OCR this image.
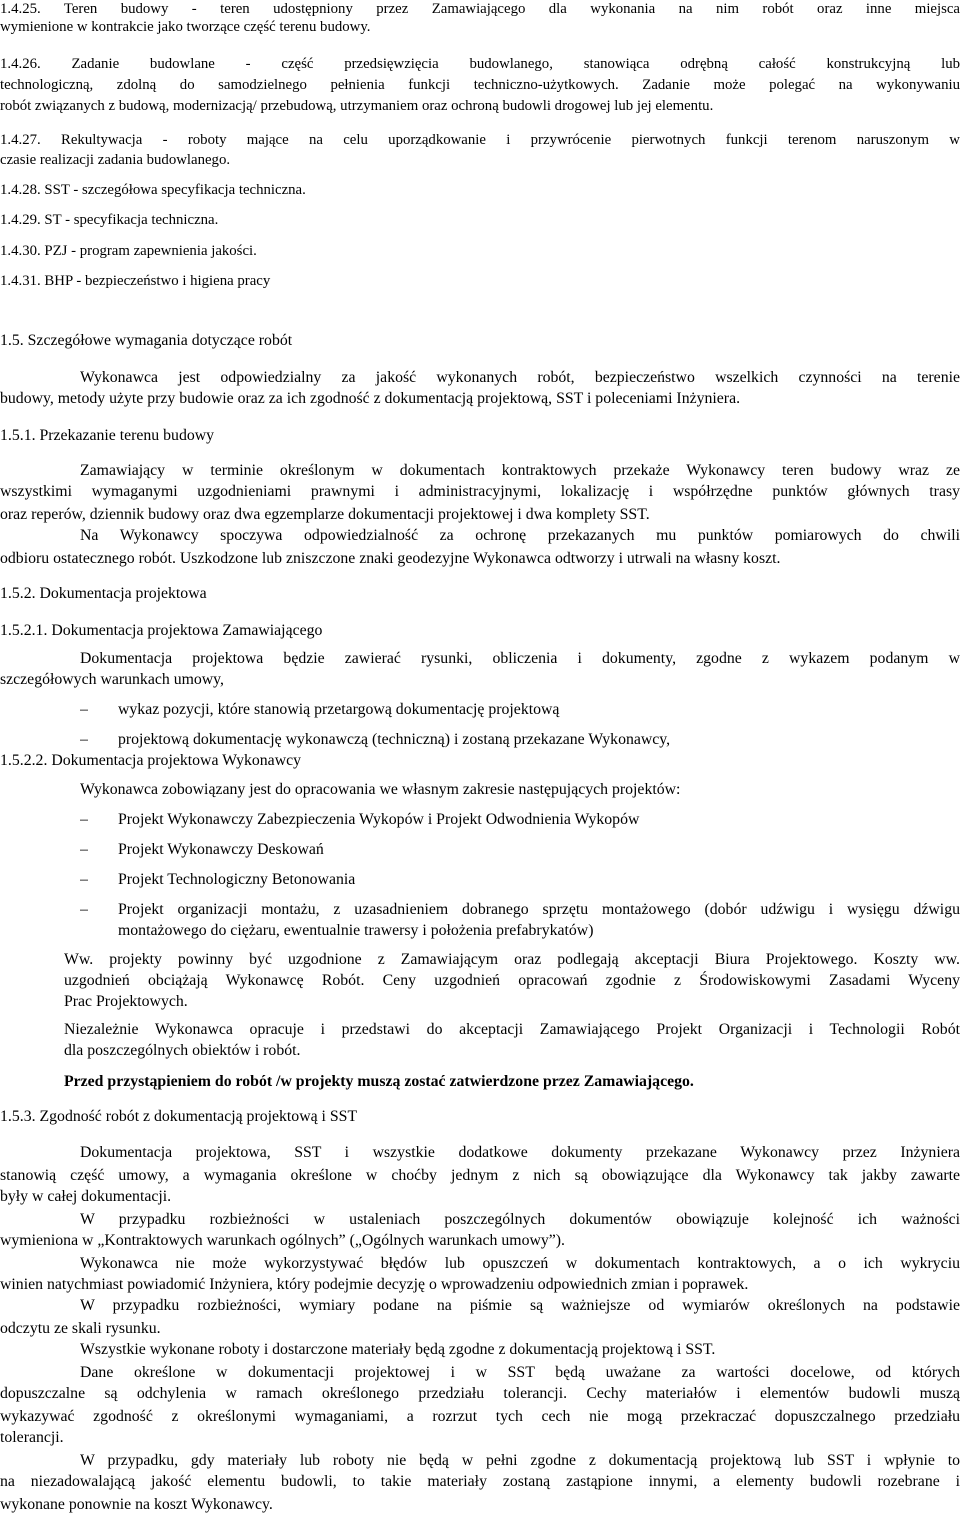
1.4.25. Teren budowy - teren udostępniony przez Zamawiającego dla wykonania na nim robót oraz inne miejsca
wymienione w kontrakcie jako tworzące część terenu budowy.
1.4.26. Zadanie budowlane - część przedsięwzięcia budowlanego, stanowiąca odrębną całość konstrukcyjną lub
technologiczną, zdolną do samodzielnego pełnienia funkcji techniczno-użytkowych. Zadanie może polegać na wykonywaniu
robót związanych z budową, modernizacją/ przebudową, utrzymaniem oraz ochroną budowli drogowej lub jej elementu.
1.4.27. Rekultywacja - roboty mające na celu uporządkowanie i przywrócenie pierwotnych funkcji terenom naruszonym w
czasie realizacji zadania budowlanego.
1.4.28. SST - szczegółowa specyfikacja techniczna.
1.4.29. ST - specyfikacja techniczna.
1.4.30. PZJ - program zapewnienia jakości.
1.4.31. BHP - bezpieczeństwo i higiena pracy
1.5. Szczegółowe wymagania dotyczące robót
Wykonawca jest odpowiedzialny za jakość wykonanych robót, bezpieczeństwo wszelkich czynności na terenie
budowy, metody użyte przy budowie oraz za ich zgodność z dokumentacją projektową, SST i poleceniami Inżyniera.
1.5.1. Przekazanie terenu budowy
Zamawiający w terminie określonym w dokumentach kontraktowych przekaże Wykonawcy teren budowy wraz ze
wszystkimi wymaganymi uzgodnieniami prawnymi i administracyjnymi, lokalizację i współrzędne punktów głównych trasy
oraz reperów, dziennik budowy oraz dwa egzemplarze dokumentacji projektowej i dwa komplety SST.
Na Wykonawcy spoczywa odpowiedzialność za ochronę przekazanych mu punktów pomiarowych do chwili
odbioru ostatecznego robót. Uszkodzone lub zniszczone znaki geodezyjne Wykonawca odtworzy i utrwali na własny koszt.
1.5.2. Dokumentacja projektowa
1.5.2.1. Dokumentacja projektowa Zamawiającego
Dokumentacja projektowa będzie zawierać rysunki, obliczenia i dokumenty, zgodne z wykazem podanym w
szczegółowych warunkach umowy,
– wykaz pozycji, które stanowią przetargową dokumentację projektową
– projektową dokumentację wykonawczą (techniczną) i zostaną przekazane Wykonawcy,
1.5.2.2. Dokumentacja projektowa Wykonawcy
Wykonawca zobowiązany jest do opracowania we własnym zakresie następujących projektów:
– Projekt Wykonawczy Zabezpieczenia Wykopów i Projekt Odwodnienia Wykopów
– Projekt Wykonawczy Deskowań
– Projekt Technologiczny Betonowania
– Projekt organizacji montażu, z uzasadnieniem dobranego sprzętu montażowego (dobór udźwigu i wysięgu dźwigu
montażowego do ciężaru, ewentualnie trawersy i położenia prefabrykatów)
Ww. projekty powinny być uzgodnione z Zamawiającym oraz podlegają akceptacji Biura Projektowego. Koszty ww.
uzgodnień obciążają Wykonawcę Robót. Ceny uzgodnień opracowań zgodnie z Środowiskowymi Zasadami Wyceny
Prac Projektowych.
Niezależnie Wykonawca opracuje i przedstawi do akceptacji Zamawiającego Projekt Organizacji i Technologii Robót
dla poszczególnych obiektów i robót.
Przed przystąpieniem do robót /w projekty muszą zostać zatwierdzone przez Zamawiającego.
1.5.3. Zgodność robót z dokumentacją projektową i SST
Dokumentacja projektowa, SST i wszystkie dodatkowe dokumenty przekazane Wykonawcy przez Inżyniera
stanowią część umowy, a wymagania określone w choćby jednym z nich są obowiązujące dla Wykonawcy tak jakby zawarte
były w całej dokumentacji.
W przypadku rozbieżności w ustaleniach poszczególnych dokumentów obowiązuje kolejność ich ważności
wymieniona w „Kontraktowych warunkach ogólnych” („Ogólnych warunkach umowy”).
Wykonawca nie może wykorzystywać błędów lub opuszczeń w dokumentach kontraktowych, a o ich wykryciu
winien natychmiast powiadomić Inżyniera, który podejmie decyzję o wprowadzeniu odpowiednich zmian i poprawek.
W przypadku rozbieżności, wymiary podane na piśmie są ważniejsze od wymiarów określonych na podstawie
odczytu ze skali rysunku.
Wszystkie wykonane roboty i dostarczone materiały będą zgodne z dokumentacją projektową i SST.
Dane określone w dokumentacji projektowej i w SST będą uważane za wartości docelowe, od których
dopuszczalne są odchylenia w ramach określonego przedziału tolerancji. Cechy materiałów i elementów budowli muszą
wykazywać zgodność z określonymi wymaganiami, a rozrzut tych cech nie mogą przekraczać dopuszczalnego przedziału
tolerancji.
W przypadku, gdy materiały lub roboty nie będą w pełni zgodne z dokumentacją projektową lub SST i wpłynie to
na niezadowalającą jakość elementu budowli, to takie materiały zostaną zastąpione innymi, a elementy budowli rozebrane i
wykonane ponownie na koszt Wykonawcy.
